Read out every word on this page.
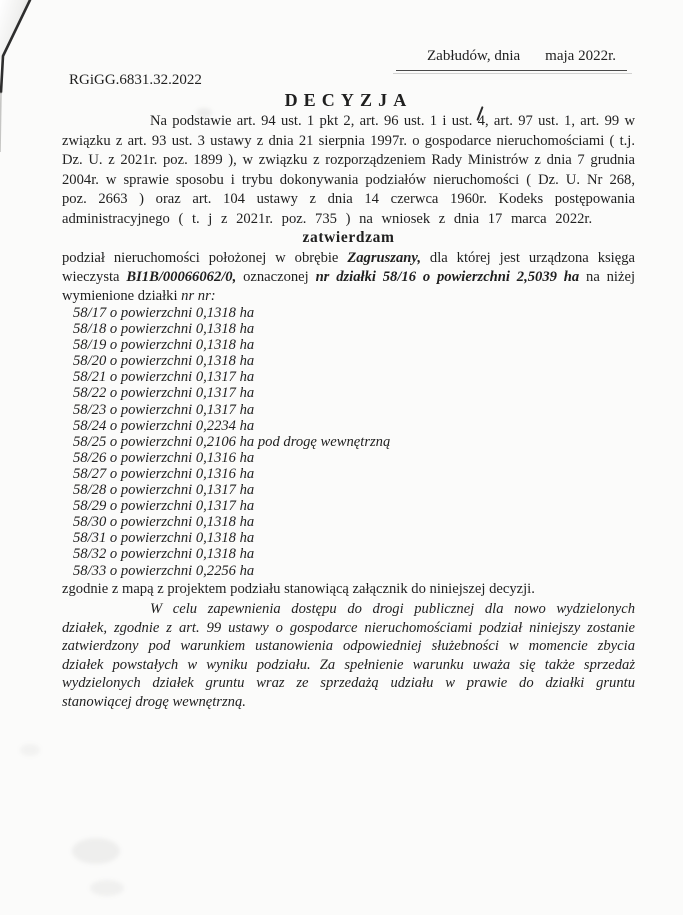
Zabłudów, dnia maja 2022r.
RGiGG.6831.32.2022
DECYZJA
Na podstawie art. 94 ust. 1 pkt 2, art. 96 ust. 1 i ust. 4, art. 97 ust. 1, art. 99 w
związku z art. 93 ust. 3 ustawy z dnia 21 sierpnia 1997r. o gospodarce nieruchomościami ( t.j.
Dz. U. z 2021r. poz. 1899 ), w związku z rozporządzeniem Rady Ministrów z dnia 7 grudnia
2004r. w sprawie sposobu i trybu dokonywania podziałów nieruchomości ( Dz. U. Nr 268,
poz. 2663 ) oraz art. 104 ustawy z dnia 14 czerwca 1960r. Kodeks postępowania
administracyjnego ( t. j z 2021r. poz. 735 ) na wniosek z dnia 17 marca 2022r.
zatwierdzam
podział nieruchomości położonej w obrębie Zagruszany, dla której jest urządzona księga
wieczysta BI1B/00066062/0, oznaczonej nr działki 58/16 o powierzchni 2,5039 ha na niżej
wymienione działki nr nr:
58/17 o powierzchni 0,1318 ha
58/18 o powierzchni 0,1318 ha
58/19 o powierzchni 0,1318 ha
58/20 o powierzchni 0,1318 ha
58/21 o powierzchni 0,1317 ha
58/22 o powierzchni 0,1317 ha
58/23 o powierzchni 0,1317 ha
58/24 o powierzchni 0,2234 ha
58/25 o powierzchni 0,2106 ha pod drogę wewnętrzną
58/26 o powierzchni 0,1316 ha
58/27 o powierzchni 0,1316 ha
58/28 o powierzchni 0,1317 ha
58/29 o powierzchni 0,1317 ha
58/30 o powierzchni 0,1318 ha
58/31 o powierzchni 0,1318 ha
58/32 o powierzchni 0,1318 ha
58/33 o powierzchni 0,2256 ha
zgodnie z mapą z projektem podziału stanowiącą załącznik do niniejszej decyzji.
W celu zapewnienia dostępu do drogi publicznej dla nowo wydzielonych
działek, zgodnie z art. 99 ustawy o gospodarce nieruchomościami podział niniejszy zostanie
zatwierdzony pod warunkiem ustanowienia odpowiedniej służebności w momencie zbycia
działek powstałych w wyniku podziału. Za spełnienie warunku uważa się także sprzedaż
wydzielonych działek gruntu wraz ze sprzedażą udziału w prawie do działki gruntu
stanowiącej drogę wewnętrzną.
